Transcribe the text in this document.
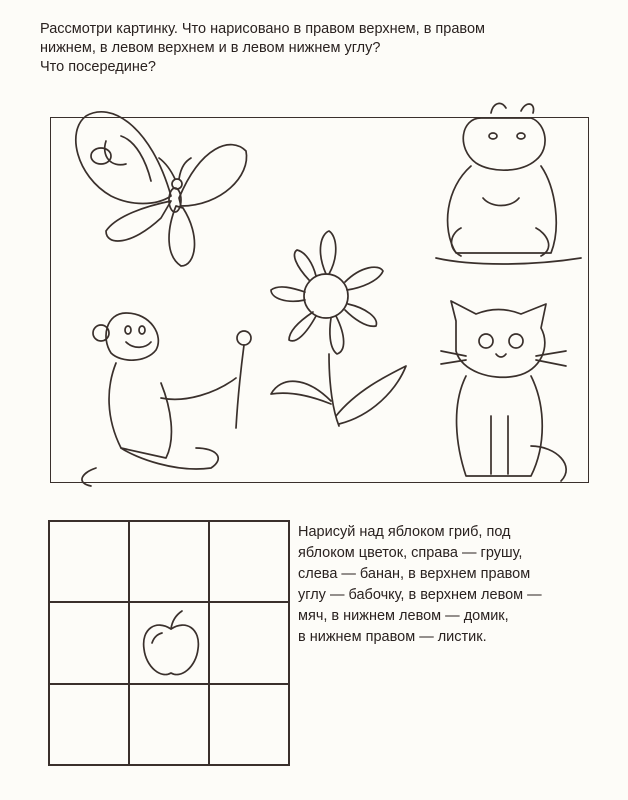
Рассмотри картинку. Что нарисовано в правом верхнем, в правом
нижнем, в левом верхнем и в левом нижнем углу?
Что посередине?
Нарисуй над яблоком гриб, под
яблоком цветок, справа — грушу,
слева — банан, в верхнем правом
углу — бабочку, в верхнем левом —
мяч, в нижнем левом — домик,
в нижнем правом — листик.
